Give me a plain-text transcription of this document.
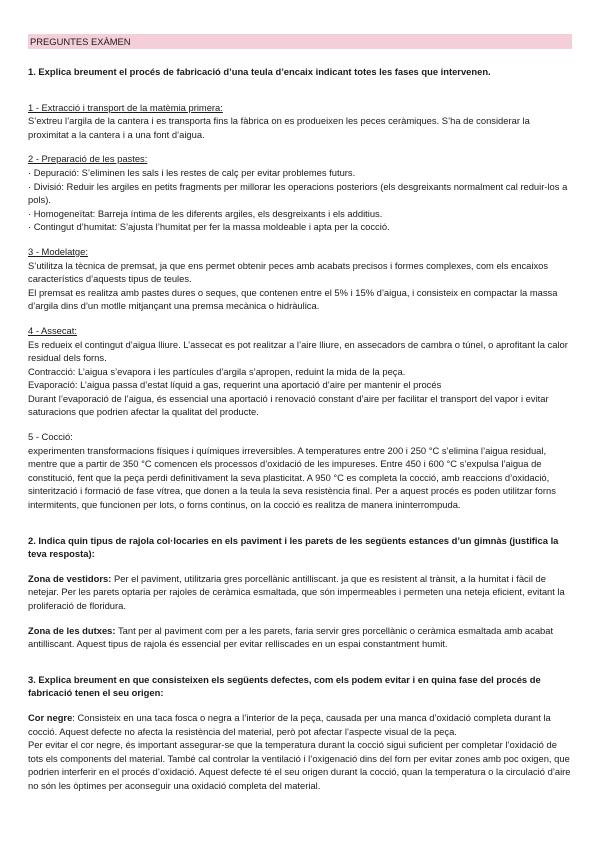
PREGUNTES EXÀMEN

1. Explica breument el procés de fabricació d’una teula d’encaix indicant totes les fases que intervenen.

1 - Extracció i transport de la matèmia primera:

S’extreu l’argila de la cantera i es transporta fins la fàbrica on es produeixen les peces ceràmiques. S’ha de considerar la proximitat a la cantera i a una font d’aigua.

2 - Preparació de les pastes:

· Depuració: S’eliminen les sals i les restes de calç per evitar problemes futurs.

· Divisió: Reduir les argiles en petits fragments per millorar les operacions posteriors (els desgreixants normalment cal reduir-los a pols).

· Homogeneïtat: Barreja íntima de les diferents argiles, els desgreixants i els additius.

· Contingut d’humitat: S’ajusta l’humitat per fer la massa moldeable i apta per la cocció.

3 - Modelatge:

S’utilitza la tècnica de premsat, ja que ens permet obtenir peces amb acabats precisos i formes complexes, com els encaixos característics d’aquests tipus de teules.

El premsat es realitza amb pastes dures o seques, que contenen entre el 5% i 15% d’aigua, i consisteix en compactar la massa d’argila dins d’un motlle mitjançant una premsa mecànica o hidràulica.

4 - Assecat:

Es redueix el contingut d’aigua lliure. L’assecat es pot realitzar a l’aire lliure, en assecadors de cambra o túnel, o aprofitant la calor residual dels forns.

Contracció: L’aigua s’evapora i les partícules d’argila s’apropen, reduint la mida de la peça.

Evaporació: L’aigua passa d’estat líquid a gas, requerint una aportació d’aire per mantenir el procés

Durant l’evaporació de l’aigua, és essencial una aportació i renovació constant d’aire per facilitar el transport del vapor i evitar saturacions que podrien afectar la qualitat del producte.

5 - Cocció:

experimenten transformacions físiques i químiques irreversibles. A temperatures entre 200 i 250 °C s’elimina l’aigua residual, mentre que a partir de 350 °C comencen els processos d’oxidació de les impureses. Entre 450 i 600 °C s’expulsa l’aigua de constitució, fent que la peça perdi definitivament la seva plasticitat. A 950 °C es completa la cocció, amb reaccions d’oxidació, sinterització i formació de fase vítrea, que donen a la teula la seva resistència final. Per a aquest procés es poden utilitzar forns intermitents, que funcionen per lots, o forns continus, on la cocció es realitza de manera ininterrompuda.

2. Indica quin tipus de rajola col·locaries en els paviment i les parets de les següents estances d’un gimnàs (justifica la teva resposta):

Zona de vestidors: Per el paviment, utilitzaria gres porcellànic antilliscant. ja que es resistent al trànsit, a la humitat i fàcil de netejar. Per les parets optaria per rajoles de ceràmica esmaltada, que són impermeables i permeten una neteja eficient, evitant la proliferació de floridura.

Zona de les dutxes: Tant per al paviment com per a les parets, faria servir gres porcellànic o ceràmica esmaltada amb acabat antilliscant. Aquest tipus de rajola és essencial per evitar relliscades en un espai constantment humit.

3. Explica breument en que consisteixen els següents defectes, com els podem evitar i en quina fase del procés de fabricació tenen el seu origen:

Cor negre: Consisteix en una taca fosca o negra a l’interior de la peça, causada per una manca d’oxidació completa durant la cocció. Aquest defecte no afecta la resistència del material, però pot afectar l’aspecte visual de la peça.

Per evitar el cor negre, és important assegurar-se que la temperatura durant la cocció sigui suficient per completar l’oxidació de tots els components del material. També cal controlar la ventilació i l’oxigenació dins del forn per evitar zones amb poc oxigen, que podrien interferir en el procés d’oxidació. Aquest defecte té el seu origen durant la cocció, quan la temperatura o la circulació d’aire no són les òptimes per aconseguir una oxidació completa del material.
